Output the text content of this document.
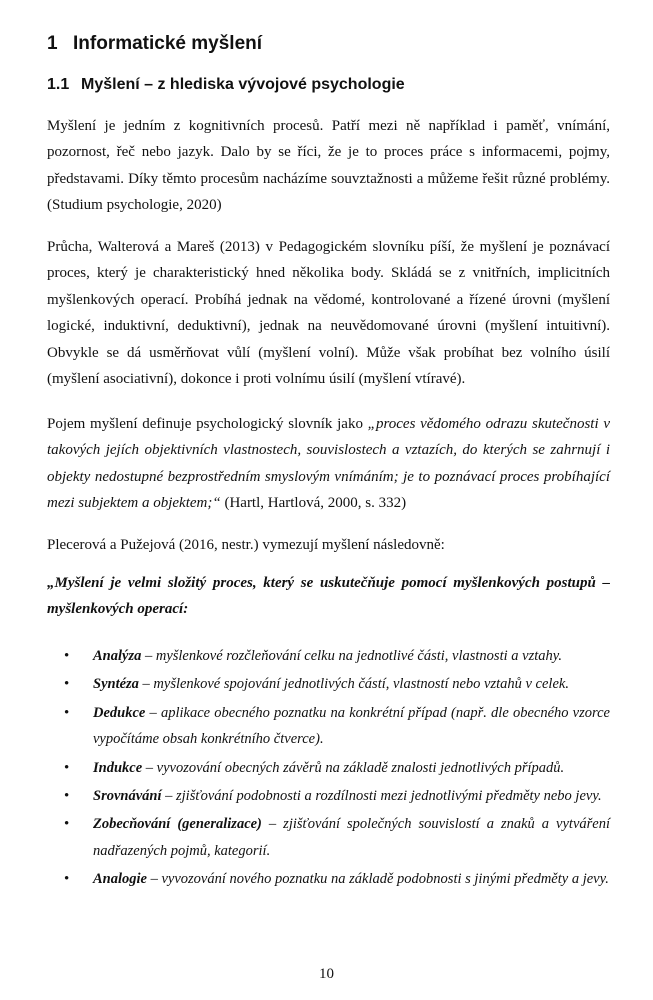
1 Informatické myšlení
1.1 Myšlení – z hlediska vývojové psychologie

Myšlení je jedním z kognitivních procesů. Patří mezi ně například i paměť, vnímání, pozornost, řeč nebo jazyk. Dalo by se říci, že je to proces práce s informacemi, pojmy, představami. Díky těmto procesům nacházíme souvztažnosti a můžeme řešit různé problémy. (Studium psychologie, 2020)

Průcha, Walterová a Mareš (2013) v Pedagogickém slovníku píší, že myšlení je poznávací proces, který je charakteristický hned několika body. Skládá se z vnitřních, implicitních myšlenkových operací. Probíhá jednak na vědomé, kontrolované a řízené úrovni (myšlení logické, induktivní, deduktivní), jednak na neuvědomované úrovni (myšlení intuitivní). Obvykle se dá usměrňovat vůlí (myšlení volní). Může však probíhat bez volního úsilí (myšlení asociativní), dokonce i proti volnímu úsilí (myšlení vtíravé).

Pojem myšlení definuje psychologický slovník jako „proces vědomého odrazu skutečnosti v takových jejích objektivních vlastnostech, souvislostech a vztazích, do kterých se zahrnují i objekty nedostupné bezprostředním smyslovým vnímáním; je to poznávací proces probíhající mezi subjektem a objektem;“ (Hartl, Hartlová, 2000, s. 332)

Plecerová a Pužejová (2016, nestr.) vymezují myšlení následovně:

„Myšlení je velmi složitý proces, který se uskutečňuje pomocí myšlenkových postupů – myšlenkových operací:

• Analýza – myšlenkové rozčleňování celku na jednotlivé části, vlastnosti a vztahy.
• Syntéza – myšlenkové spojování jednotlivých částí, vlastností nebo vztahů v celek.
• Dedukce – aplikace obecného poznatku na konkrétní případ (např. dle obecného vzorce vypočítáme obsah konkrétního čtverce).
• Indukce – vyvozování obecných závěrů na základě znalosti jednotlivých případů.
• Srovnávání – zjišťování podobnosti a rozdílnosti mezi jednotlivými předměty nebo jevy.
• Zobecňování (generalizace) – zjišťování společných souvislostí a znaků a vytváření nadřazených pojmů, kategorií.
• Analogie – vyvozování nového poznatku na základě podobnosti s jinými předměty a jevy.
10
